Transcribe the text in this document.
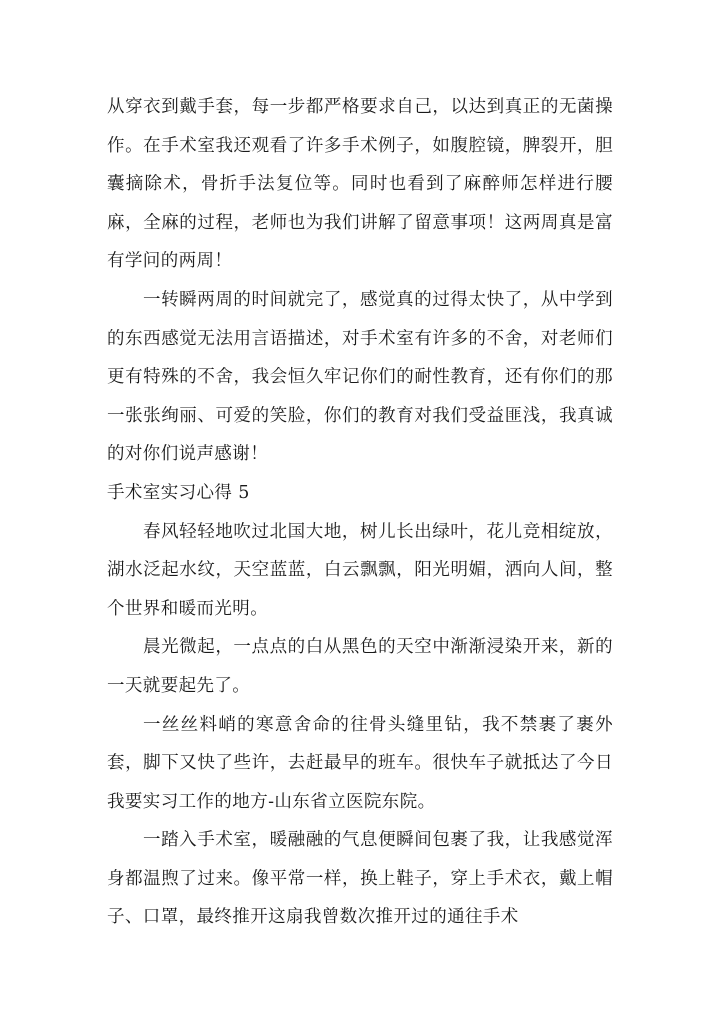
从穿衣到戴手套，每一步都严格要求自己，以达到真正的无菌操作。在手术室我还观看了许多手术例子，如腹腔镜，脾裂开，胆囊摘除术，骨折手法复位等。同时也看到了麻醉师怎样进行腰麻，全麻的过程，老师也为我们讲解了留意事项！这两周真是富有学问的两周！

一转瞬两周的时间就完了，感觉真的过得太快了，从中学到的东西感觉无法用言语描述，对手术室有许多的不舍，对老师们更有特殊的不舍，我会恒久牢记你们的耐性教育，还有你们的那一张张绚丽、可爱的笑脸，你们的教育对我们受益匪浅，我真诚的对你们说声感谢！

手术室实习心得 5

春风轻轻地吹过北国大地，树儿长出绿叶，花儿竞相绽放，湖水泛起水纹，天空蓝蓝，白云飘飘，阳光明媚，洒向人间，整个世界和暖而光明。

晨光微起，一点点的白从黑色的天空中渐渐浸染开来，新的一天就要起先了。

一丝丝料峭的寒意舍命的往骨头缝里钻，我不禁裹了裹外套，脚下又快了些许，去赶最早的班车。很快车子就抵达了今日我要实习工作的地方-山东省立医院东院。

一踏入手术室，暖融融的气息便瞬间包裹了我，让我感觉浑身都温煦了过来。像平常一样，换上鞋子，穿上手术衣，戴上帽子、口罩，最终推开这扇我曾数次推开过的通往手术
